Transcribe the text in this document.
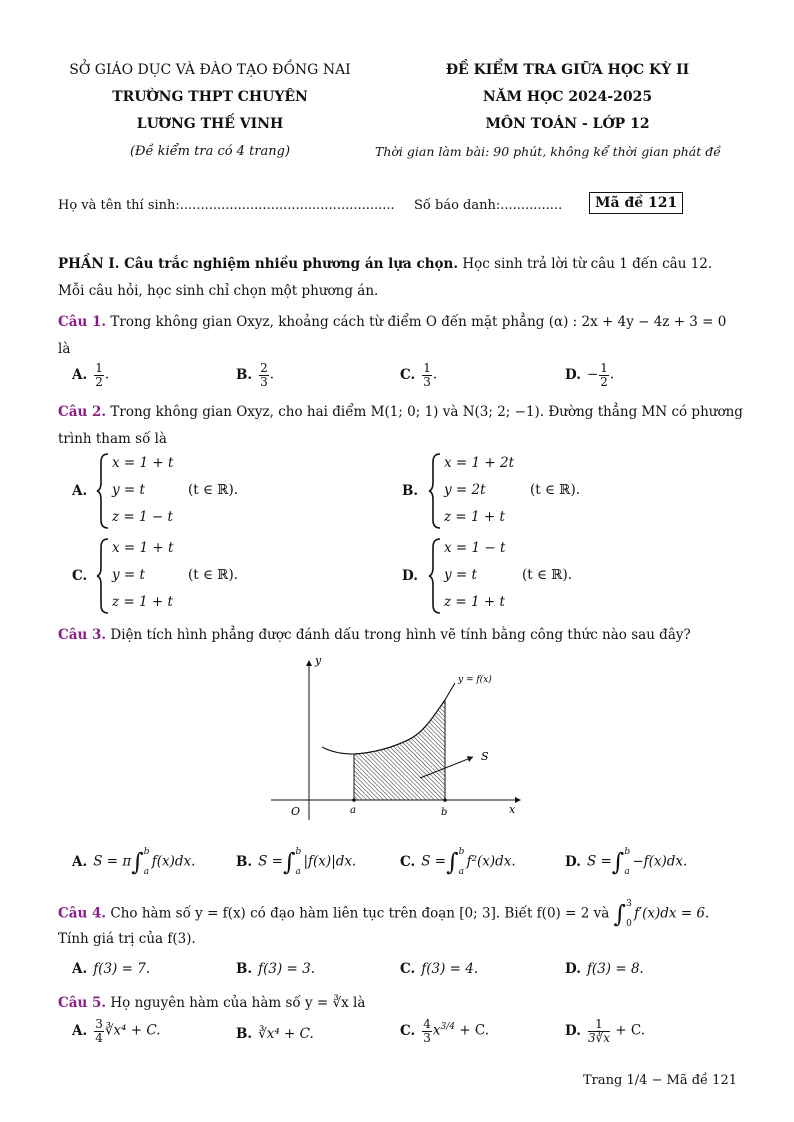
SỞ GIÁO DỤC VÀ ĐÀO TẠO ĐỒNG NAI
TRƯỜNG THPT CHUYÊN
LƯƠNG THẾ VINH
(Đề kiểm tra có 4 trang)
ĐỀ KIỂM TRA GIỮA HỌC KỲ II
NĂM HỌC 2024-2025
MÔN TOÁN - LỚP 12
Thời gian làm bài: 90 phút, không kể thời gian phát đề
Họ và tên thí sinh:.................................................... Số báo danh:...............	Mã đề 121
PHẦN I. Câu trắc nghiệm nhiều phương án lựa chọn. Học sinh trả lời từ câu 1 đến câu 12.
Mỗi câu hỏi, học sinh chỉ chọn một phương án.
Câu 1. Trong không gian Oxyz, khoảng cách từ điểm O đến mặt phẳng (α) : 2x + 4y − 4z + 3 = 0
là
A. $\frac{1}{2}$ .	B. $\frac{2}{3}$ .	C. $\frac{1}{3}$ .	D. − $\frac{1}{2}$ .
Câu 2. Trong không gian Oxyz, cho hai điểm M(1; 0; 1) và N(3; 2; −1). Đường thẳng MN có phương
trình tham số là
A.
x = 1 + t
y = t
z = 1 − t
(t ∈ ℝ).	B.
x = 1 + 2t
y = 2t
z = 1 + t
(t ∈ ℝ).
C.
x = 1 + t
y = t
z = 1 + t
(t ∈ ℝ).	D.
x = 1 − t
y = t
z = 1 + t
(t ∈ ℝ).
Câu 3. Diện tích hình phẳng được đánh dấu trong hình vẽ tính bằng công thức nào sau đây?
y
x
O	a	b
y = f(x)
S
A. S = π∫ b
a
f(x)dx.	B. S =∫ b
a
|f(x)|dx.	C. S =∫ b
a
f²(x)dx.	D. S =∫ b
a
−f(x)dx.
Câu 4. Cho hàm số y = f(x) có đạo hàm liên tục trên đoạn [0; 3]. Biết f(0) = 2 và ∫ 3
0
f′(x)dx = 6.
Tính giá trị của f(3).
A. f(3) = 7.	B. f(3) = 3.	C. f(3) = 4.	D. f(3) = 8.
Câu 5. Họ nguyên hàm của hàm số y = ∛x là
A. $\frac{3}{4}$ ∛x⁴ + C.	B. ∛x⁴ + C.	C. $\frac{4}{3} x^{3/4} + C$.	D. $\frac{1}{3∛x} + C$.
Trang 1/4 − Mã đề 121
